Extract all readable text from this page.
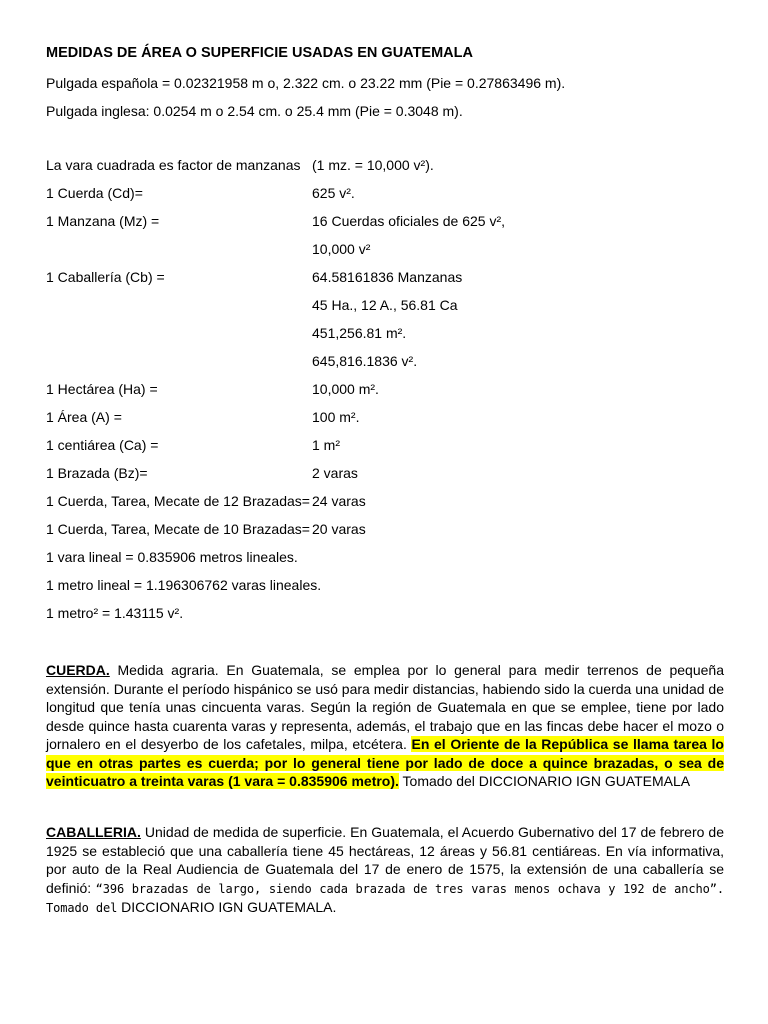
MEDIDAS DE ÁREA O SUPERFICIE USADAS EN GUATEMALA
Pulgada española = 0.02321958 m o, 2.322 cm. o 23.22 mm (Pie = 0.27863496 m).
Pulgada inglesa: 0.0254 m o 2.54 cm. o 25.4 mm (Pie = 0.3048 m).
La vara cuadrada es factor de manzanas (1 mz. = 10,000 v²).
1 Cuerda (Cd)=	625 v².
1 Manzana (Mz) =	16 Cuerdas oficiales de 625 v²,
10,000 v²
1 Caballería (Cb) =	64.58161836 Manzanas
45 Ha., 12 A., 56.81 Ca
451,256.81 m².
645,816.1836 v².
1 Hectárea (Ha) =	10,000 m².
1 Área (A) =	100 m².
1 centiárea (Ca) =	1 m²
1 Brazada (Bz)=	2 varas
1 Cuerda, Tarea, Mecate de 12 Brazadas= 24 varas
1 Cuerda, Tarea, Mecate de 10 Brazadas= 20 varas
1 vara lineal = 0.835906 metros lineales.
1 metro lineal = 1.196306762 varas lineales.
1 metro² = 1.43115 v².
CUERDA. Medida agraria. En Guatemala, se emplea por lo general para medir terrenos de pequeña extensión. Durante el período hispánico se usó para medir distancias, habiendo sido la cuerda una unidad de longitud que tenía unas cincuenta varas. Según la región de Guatemala en que se emplee, tiene por lado desde quince hasta cuarenta varas y representa, además, el trabajo que en las fincas debe hacer el mozo o jornalero en el desyerbo de los cafetales, milpa, etcétera. En el Oriente de la República se llama tarea lo que en otras partes es cuerda; por lo general tiene por lado de doce a quince brazadas, o sea de veinticuatro a treinta varas (1 vara = 0.835906 metro). Tomado del DICCIONARIO IGN GUATEMALA
CABALLERIA. Unidad de medida de superficie. En Guatemala, el Acuerdo Gubernativo del 17 de febrero de 1925 se estableció que una caballería tiene 45 hectáreas, 12 áreas y 56.81 centiáreas. En vía informativa, por auto de la Real Audiencia de Guatemala del 17 de enero de 1575, la extensión de una caballería se definió: “396 brazadas de largo, siendo cada brazada de tres varas menos ochava y 192 de ancho”. Tomado del DICCIONARIO IGN GUATEMALA.
